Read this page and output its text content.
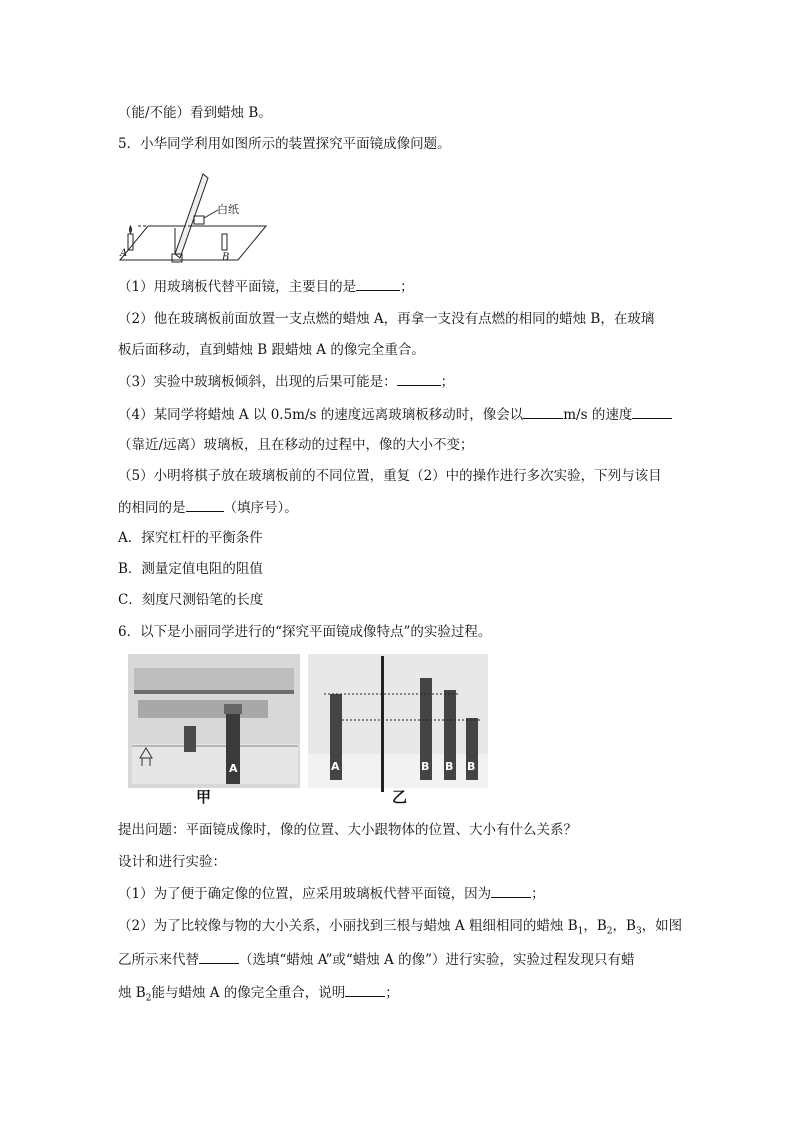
（能/不能）看到蜡烛 B。
5．小华同学利用如图所示的装置探究平面镜成像问题。
白纸
A	B
（1）用玻璃板代替平面镜，主要目的是	；
（2）他在玻璃板前面放置一支点燃的蜡烛 A，再拿一支没有点燃的相同的蜡烛 B，在玻璃
板后面移动，直到蜡烛 B 跟蜡烛 A 的像完全重合。
（3）实验中玻璃板倾斜，出现的后果可能是：	；
（4）某同学将蜡烛 A 以 0.5m/s 的速度远离玻璃板移动时，像会以	m/s 的速度
（靠近/远离）玻璃板，且在移动的过程中，像的大小不变；
（5）小明将棋子放在玻璃板前的不同位置，重复（2）中的操作进行多次实验，下列与该目
的相同的是	（填序号）。
A．探究杠杆的平衡条件
B．测量定值电阻的阻值
C．刻度尺测铅笔的长度
6．以下是小丽同学进行的“探究平面镜成像特点”的实验过程。
A	A	B B B
甲	乙
提出问题：平面镜成像时，像的位置、大小跟物体的位置、大小有什么关系？
设计和进行实验：
（1）为了便于确定像的位置，应采用玻璃板代替平面镜，因为	；
（2）为了比较像与物的大小关系，小丽找到三根与蜡烛 A 粗细相同的蜡烛 $B_1$，$B_2$，$B_3$，如图
乙所示来代替	（选填“蜡烛 A”或“蜡烛 A 的像”）进行实验，实验过程发现只有蜡
烛 $B_2$能与蜡烛 A 的像完全重合，说明	；
